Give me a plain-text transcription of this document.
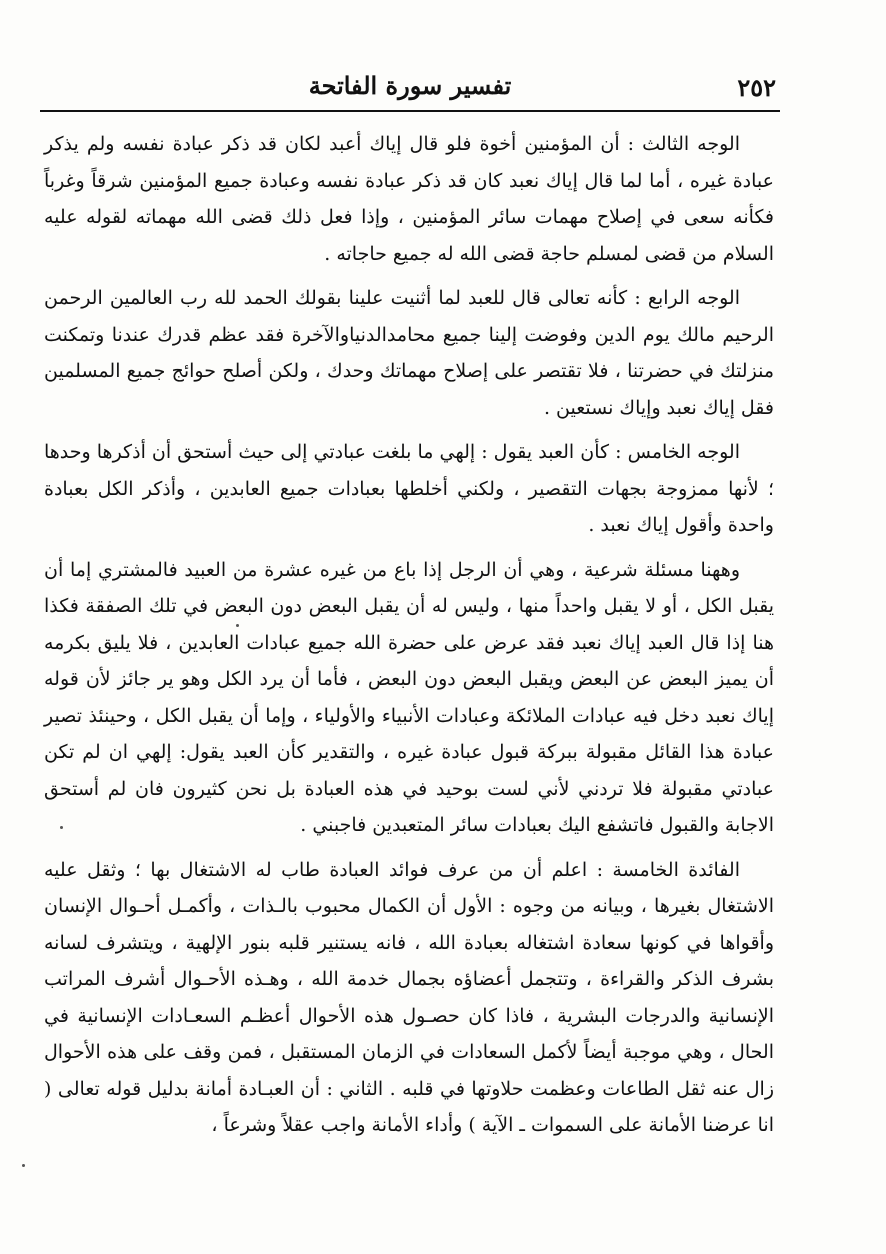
تفسير سورة الفاتحة	٢٥٢

الوجه الثالث : أن المؤمنين أخوة فلو قال إياك أعبد لكان قد ذكر عبادة نفسه ولم يذكر عبادة غيره ، أما لما قال إياك نعبد كان قد ذكر عبادة نفسه وعبادة جميع المؤمنين شرقاً وغرباً فكأنه سعى في إصلاح مهمات سائر المؤمنين ، وإذا فعل ذلك قضى الله مهماته لقوله عليه السلام من قضى لمسلم حاجة قضى الله له جميع حاجاته .

الوجه الرابع : كأنه تعالى قال للعبد لما أثنيت علينا بقولك الحمد لله رب العالمين الرحمن الرحيم مالك يوم الدين وفوضت إلينا جميع محامدالدنياوالآخرة فقد عظم قدرك عندنا وتمكنت منزلتك في حضرتنا ، فلا تقتصر على إصلاح مهماتك وحدك ، ولكن أصلح حوائج جميع المسلمين فقل إياك نعبد وإياك نستعين .

الوجه الخامس : كأن العبد يقول : إلهي ما بلغت عبادتي إلى حيث أستحق أن أذكرها وحدها ؛ لأنها ممزوجة بجهات التقصير ، ولكني أخلطها بعبادات جميع العابدين ، وأذكر الكل بعبادة واحدة وأقول إياك نعبد .

وههنا مسئلة شرعية ، وهي أن الرجل إذا باع من غيره عشرة من العبيد فالمشتري إما أن يقبل الكل ، أو لا يقبل واحداً منها ، وليس له أن يقبل البعض دون البعض في تلك الصفقة فكذا هنا إذا قال العبد إياك نعبد فقد عرض على حضرة الله جميع عبادات العابدين ، فلا يليق بكرمه أن يميز البعض عن البعض ويقبل البعض دون البعض ، فأما أن يرد الكل وهو ير جائز لأن قوله إياك نعبد دخل فيه عبادات الملائكة وعبادات الأنبياء والأولياء ، وإما أن يقبل الكل ، وحينئذ تصير عبادة هذا القائل مقبولة ببركة قبول عبادة غيره ، والتقدير كأن العبد يقول: إلهي ان لم تكن عبادتي مقبولة فلا تردني لأني لست بوحيد في هذه العبادة بل نحن كثيرون فان لم أستحق الاجابة والقبول فاتشفع اليك بعبادات سائر المتعبدين فاجبني .

الفائدة الخامسة : اعلم أن من عرف فوائد العبادة طاب له الاشتغال بها ؛ وثقل عليه الاشتغال بغيرها ، وبيانه من وجوه : الأول أن الكمال محبوب بالـذات ، وأكمـل أحـوال الإنسان وأقواها في كونها سعادة اشتغاله بعبادة الله ، فانه يستنير قلبه بنور الإلهية ، ويتشرف لسانه بشرف الذكر والقراءة ، وتتجمل أعضاؤه بجمال خدمة الله ، وهـذه الأحـوال أشرف المراتب الإنسانية والدرجات البشرية ، فاذا كان حصـول هذه الأحوال أعظـم السعـادات الإنسانية في الحال ، وهي موجبة أيضاً لأكمل السعادات في الزمان المستقبل ، فمن وقف على هذه الأحوال زال عنه ثقل الطاعات وعظمت حلاوتها في قلبه . الثاني : أن العبـادة أمانة بدليل قوله تعالى ( انا عرضنا الأمانة على السموات ـ الآية ) وأداء الأمانة واجب عقلاً وشرعاً ،
